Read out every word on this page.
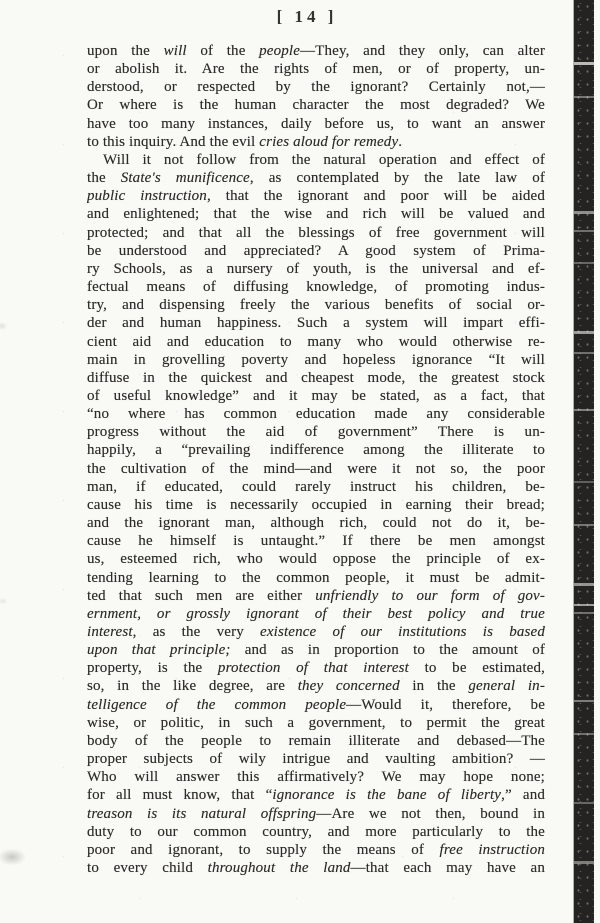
[ 14 ]
upon the will of the people—They, and they only, can alter
or abolish it. Are the rights of men, or of property, un-
derstood, or respected by the ignorant? Certainly not,—
Or where is the human character the most degraded? We
have too many instances, daily before us, to want an answer
to this inquiry. And the evil cries aloud for remedy.
Will it not follow from the natural operation and effect of
the State's munificence, as contemplated by the late law of
public instruction, that the ignorant and poor will be aided
and enlightened; that the wise and rich will be valued and
protected; and that all the blessings of free government will
be understood and appreciated? A good system of Prima-
ry Schools, as a nursery of youth, is the universal and ef-
fectual means of diffusing knowledge, of promoting indus-
try, and dispensing freely the various benefits of social or-
der and human happiness. Such a system will impart effi-
cient aid and education to many who would otherwise re-
main in grovelling poverty and hopeless ignorance “It will
diffuse in the quickest and cheapest mode, the greatest stock
of useful knowledge” and it may be stated, as a fact, that
“no where has common education made any considerable
progress without the aid of government” There is un-
happily, a “prevailing indifference among the illiterate to
the cultivation of the mind—and were it not so, the poor
man, if educated, could rarely instruct his children, be-
cause his time is necessarily occupied in earning their bread;
and the ignorant man, although rich, could not do it, be-
cause he himself is untaught.” If there be men amongst
us, esteemed rich, who would oppose the principle of ex-
tending learning to the common people, it must be admit-
ted that such men are either unfriendly to our form of gov-
ernment, or grossly ignorant of their best policy and true
interest, as the very existence of our institutions is based
upon that principle; and as in proportion to the amount of
property, is the protection of that interest to be estimated,
so, in the like degree, are they concerned in the general in-
telligence of the common people—Would it, therefore, be
wise, or politic, in such a government, to permit the great
body of the people to remain illiterate and debased—The
proper subjects of wily intrigue and vaulting ambition? —
Who will answer this affirmatively? We may hope none;
for all must know, that “ignorance is the bane of liberty,” and
treason is its natural offspring—Are we not then, bound in
duty to our common country, and more particularly to the
poor and ignorant, to supply the means of free instruction
to every child throughout the land—that each may have an
